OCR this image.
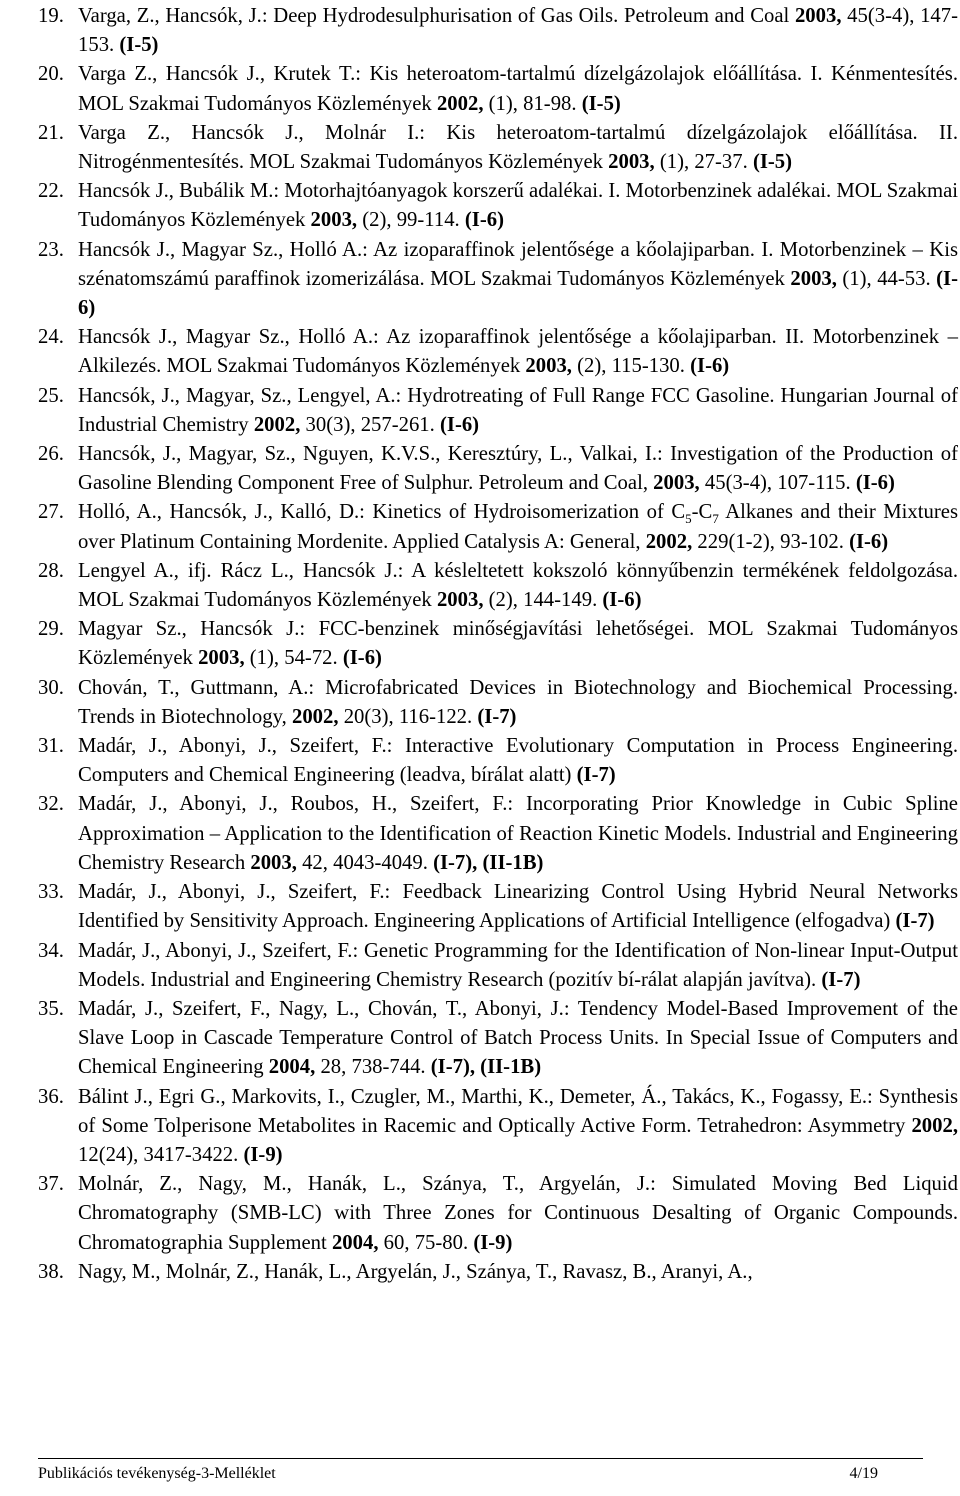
19. Varga, Z., Hancsók, J.: Deep Hydrodesulphurisation of Gas Oils. Petroleum and Coal 2003, 45(3-4), 147-153. (I-5)
20. Varga Z., Hancsók J., Krutek T.: Kis heteroatom-tartalmú dízelgázolajok előállítása. I. Kénmentesítés. MOL Szakmai Tudományos Közlemények 2002, (1), 81-98. (I-5)
21. Varga Z., Hancsók J., Molnár I.: Kis heteroatom-tartalmú dízelgázolajok előállítása. II. Nitrogénmentesítés. MOL Szakmai Tudományos Közlemények 2003, (1), 27-37. (I-5)
22. Hancsók J., Bubálik M.: Motorhajtóanyagok korszerű adalékai. I. Motorbenzinek adalékai. MOL Szakmai Tudományos Közlemények 2003, (2), 99-114. (I-6)
23. Hancsók J., Magyar Sz., Holló A.: Az izoparaffinok jelentősége a kőolajiparban. I. Motorbenzinek – Kis szénatomszámú paraffinok izomerizálása. MOL Szakmai Tudományos Közlemények 2003, (1), 44-53. (I-6)
24. Hancsók J., Magyar Sz., Holló A.: Az izoparaffinok jelentősége a kőolajiparban. II. Motorbenzinek – Alkilezés. MOL Szakmai Tudományos Közlemények 2003, (2), 115-130. (I-6)
25. Hancsók, J., Magyar, Sz., Lengyel, A.: Hydrotreating of Full Range FCC Gasoline. Hungarian Journal of Industrial Chemistry 2002, 30(3), 257-261. (I-6)
26. Hancsók, J., Magyar, Sz., Nguyen, K.V.S., Keresztúry, L., Valkai, I.: Investigation of the Production of Gasoline Blending Component Free of Sulphur. Petroleum and Coal, 2003, 45(3-4), 107-115. (I-6)
27. Holló, A., Hancsók, J., Kalló, D.: Kinetics of Hydroisomerization of $C_5-C_7$ Alkanes and their Mixtures over Platinum Containing Mordenite. Applied Catalysis A: General, 2002, 229(1-2), 93-102. (I-6)
28. Lengyel A., ifj. Rácz L., Hancsók J.: A késleltetett kokszoló könnyűbenzin termékének feldolgozása. MOL Szakmai Tudományos Közlemények 2003, (2), 144-149. (I-6)
29. Magyar Sz., Hancsók J.: FCC-benzinek minőségjavítási lehetőségei. MOL Szakmai Tudományos Közlemények 2003, (1), 54-72. (I-6)
30. Chován, T., Guttmann, A.: Microfabricated Devices in Biotechnology and Biochemical Processing. Trends in Biotechnology, 2002, 20(3), 116-122. (I-7)
31. Madár, J., Abonyi, J., Szeifert, F.: Interactive Evolutionary Computation in Process Engineering. Computers and Chemical Engineering (leadva, bírálat alatt) (I-7)
32. Madár, J., Abonyi, J., Roubos, H., Szeifert, F.: Incorporating Prior Knowledge in Cubic Spline Approximation – Application to the Identification of Reaction Kinetic Models. Industrial and Engineering Chemistry Research 2003, 42, 4043-4049. (I-7), (II-1B)
33. Madár, J., Abonyi, J., Szeifert, F.: Feedback Linearizing Control Using Hybrid Neural Networks Identified by Sensitivity Approach. Engineering Applications of Artificial Intelligence (elfogadva) (I-7)
34. Madár, J., Abonyi, J., Szeifert, F.: Genetic Programming for the Identification of Non-linear Input-Output Models. Industrial and Engineering Chemistry Research (pozitív bí-rálat alapján javítva). (I-7)
35. Madár, J., Szeifert, F., Nagy, L., Chován, T., Abonyi, J.: Tendency Model-Based Improvement of the Slave Loop in Cascade Temperature Control of Batch Process Units. In Special Issue of Computers and Chemical Engineering 2004, 28, 738-744. (I-7), (II-1B)
36. Bálint J., Egri G., Markovits, I., Czugler, M., Marthi, K., Demeter, Á., Takács, K., Fogassy, E.: Synthesis of Some Tolperisone Metabolites in Racemic and Optically Active Form. Tetrahedron: Asymmetry 2002, 12(24), 3417-3422. (I-9)
37. Molnár, Z., Nagy, M., Hanák, L., Szánya, T., Argyelán, J.: Simulated Moving Bed Liquid Chromatography (SMB-LC) with Three Zones for Continuous Desalting of Organic Compounds. Chromatographia Supplement 2004, 60, 75-80. (I-9)
38. Nagy, M., Molnár, Z., Hanák, L., Argyelán, J., Szánya, T., Ravasz, B., Aranyi, A.,
Publikációs tevékenység-3-Melléklet	4/19
